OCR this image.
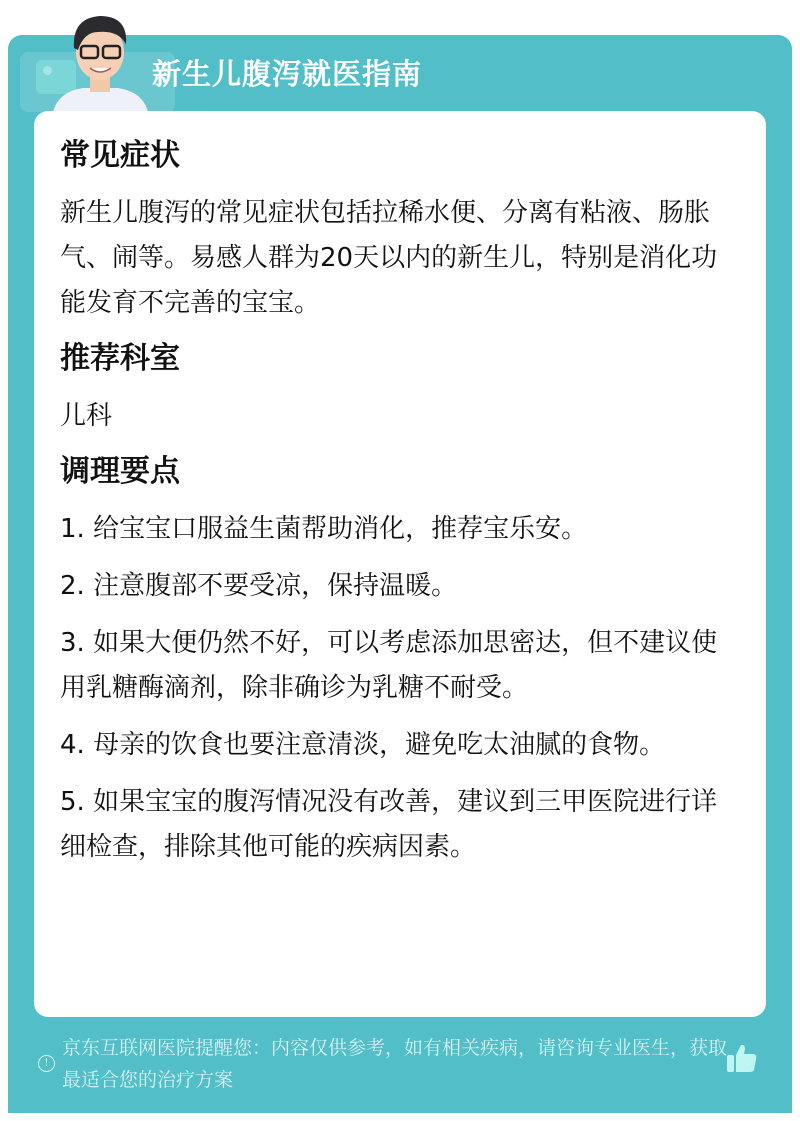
新生儿腹泻就医指南
常见症状

新生儿腹泻的常见症状包括拉稀水便、分离有粘液、肠胀气、闹等。易感人群为20天以内的新生儿，特别是消化功能发育不完善的宝宝。

推荐科室

儿科

调理要点

1. 给宝宝口服益生菌帮助消化，推荐宝乐安。

2. 注意腹部不要受凉，保持温暖。

3. 如果大便仍然不好，可以考虑添加思密达，但不建议使用乳糖酶滴剂，除非确诊为乳糖不耐受。

4. 母亲的饮食也要注意清淡，避免吃太油腻的食物。

5. 如果宝宝的腹泻情况没有改善，建议到三甲医院进行详细检查，排除其他可能的疾病因素。

!
京东互联网医院提醒您：内容仅供参考，如有相关疾病，请咨询专业医生，获取最适合您的治疗方案
